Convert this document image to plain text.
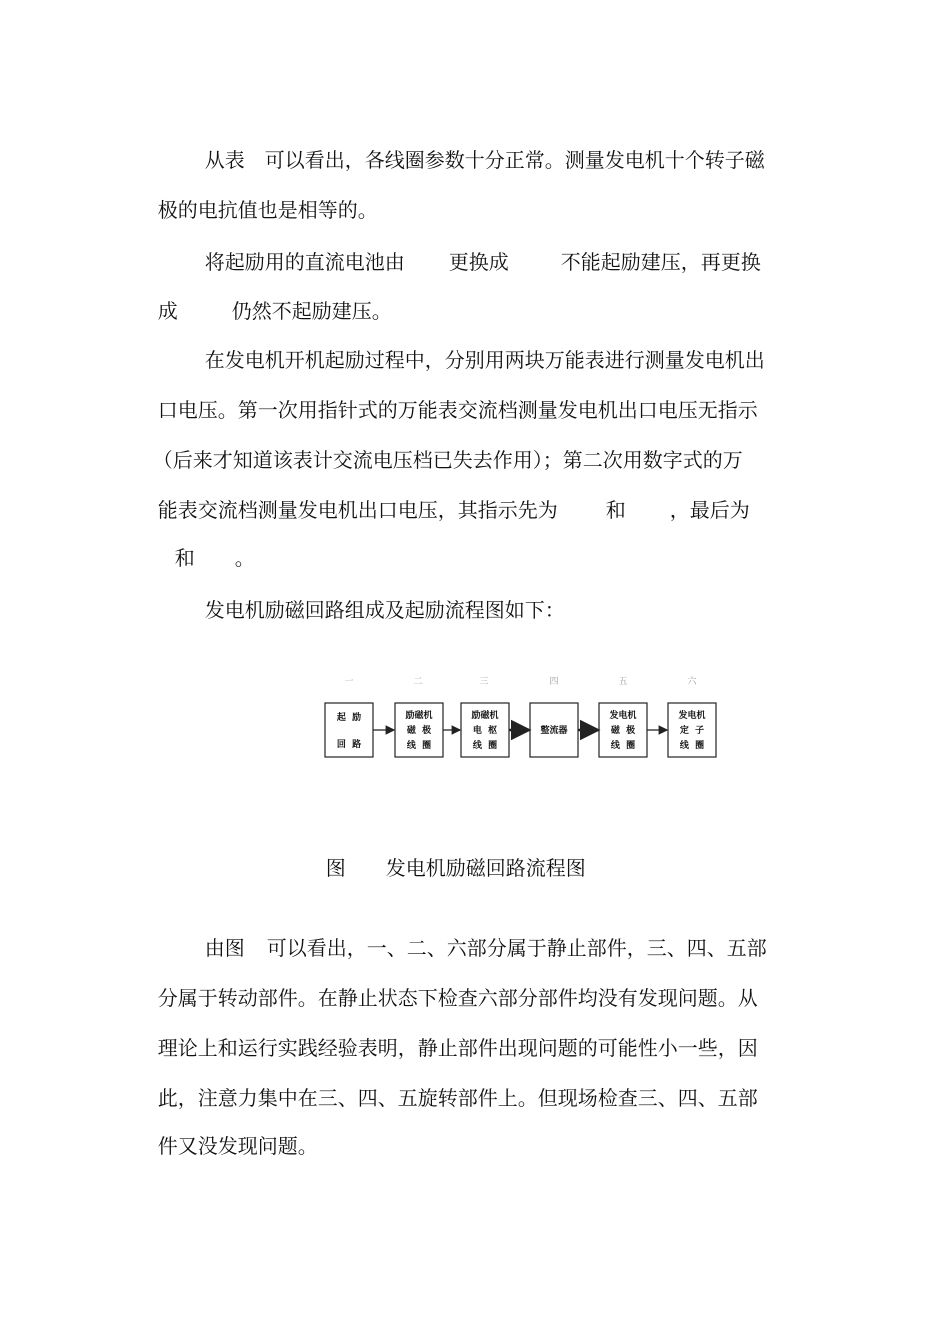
从表 可以看出，各线圈参数十分正常。测量发电机十个转子磁

极的电抗值也是相等的。

将起励用的直流电池由 更换成	不能起励建压，再更换

成	仍然不起励建压。

在发电机开机起励过程中，分别用两块万能表进行测量发电机出

口电压。第一次用指针式的万能表交流档测量发电机出口电压无指示

（后来才知道该表计交流电压档已失去作用）；第二次用数字式的万

能表交流档测量发电机出口电压，其指示先为 和 ，最后为

和 。

发电机励磁回路组成及起励流程图如下：

一	二	三	四	五	六
起  励
回  路
励磁机
磁  极
线  圈
励磁机
电  枢
线  圈
整流器
发电机
磁  极
线  圈
发电机
定  子
线  圈

图 发电机励磁回路流程图

由图 可以看出，一、二、六部分属于静止部件，三、四、五部

分属于转动部件。在静止状态下检查六部分部件均没有发现问题。从

理论上和运行实践经验表明，静止部件出现问题的可能性小一些，因

此，注意力集中在三、四、五旋转部件上。但现场检查三、四、五部

件又没发现问题。
